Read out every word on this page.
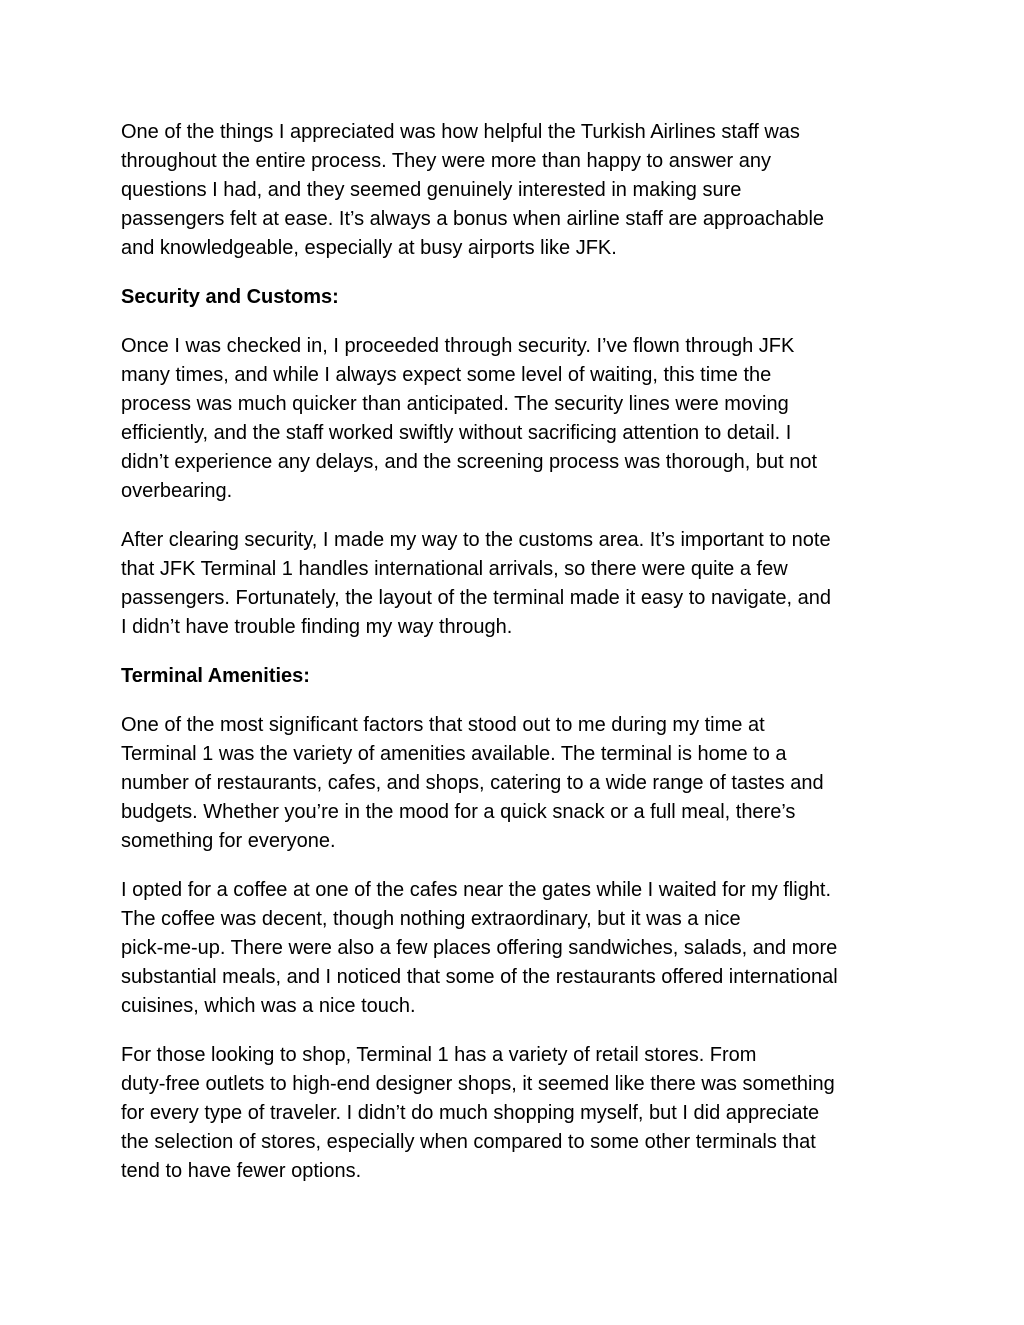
One of the things I appreciated was how helpful the Turkish Airlines staff was
throughout the entire process. They were more than happy to answer any
questions I had, and they seemed genuinely interested in making sure
passengers felt at ease. It’s always a bonus when airline staff are approachable
and knowledgeable, especially at busy airports like JFK.

Security and Customs:

Once I was checked in, I proceeded through security. I’ve flown through JFK
many times, and while I always expect some level of waiting, this time the
process was much quicker than anticipated. The security lines were moving
efficiently, and the staff worked swiftly without sacrificing attention to detail. I
didn’t experience any delays, and the screening process was thorough, but not
overbearing.

After clearing security, I made my way to the customs area. It’s important to note
that JFK Terminal 1 handles international arrivals, so there were quite a few
passengers. Fortunately, the layout of the terminal made it easy to navigate, and
I didn’t have trouble finding my way through.

Terminal Amenities:

One of the most significant factors that stood out to me during my time at
Terminal 1 was the variety of amenities available. The terminal is home to a
number of restaurants, cafes, and shops, catering to a wide range of tastes and
budgets. Whether you’re in the mood for a quick snack or a full meal, there’s
something for everyone.

I opted for a coffee at one of the cafes near the gates while I waited for my flight.
The coffee was decent, though nothing extraordinary, but it was a nice
pick-me-up. There were also a few places offering sandwiches, salads, and more
substantial meals, and I noticed that some of the restaurants offered international
cuisines, which was a nice touch.

For those looking to shop, Terminal 1 has a variety of retail stores. From
duty-free outlets to high-end designer shops, it seemed like there was something
for every type of traveler. I didn’t do much shopping myself, but I did appreciate
the selection of stores, especially when compared to some other terminals that
tend to have fewer options.
